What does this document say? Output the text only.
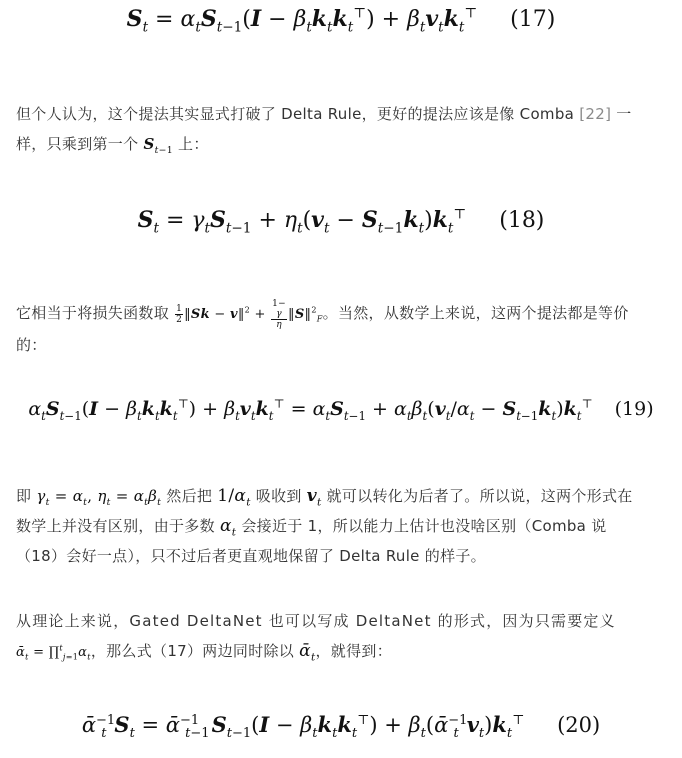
$S_t = \alpha_tS_{t-1}(I - \beta_tk_tk_t^⊤) + \beta_tv_tk_t^⊤$ (17)
但个人认为，这个提法其实显式打破了 Delta Rule，更好的提法应该是像 Comba [22] 一
样，只乘到第一个 $S_{t-1}$ 上：
$S_t = \gamma_tS_{t-1} + \eta_t(v_t - S_{t-1}k_t)k_t^⊤$ (18)
它相当于将损失函数取 $\frac{1}{2}$ ‖Sk − v‖$^2$ + 1−
γ
η ‖S‖$^2_F$。当然，从数学上来说，这两个提法都是等价
的：
$\alpha_tS_{t-1}(I - \beta_tk_tk_t^⊤) + \beta_tv_tk_t^⊤ = \alpha_tS_{t-1} + \alpha_t\beta_t(v_t/\alpha_t - S_{t-1}k_t)k_t^⊤$ (19)
即 $\gamma_t = \alpha_t$, $\eta_t = \alpha_t\beta_t$ 然后把 $1/\alpha_t$ 吸收到 $v_t$ 就可以转化为后者了。所以说，这两个形式在
数学上并没有区别，由于多数 $\alpha_t$ 会接近于 1，所以能力上估计也没啥区别（Comba 说
（18）会好一点），只不过后者更直观地保留了 Delta Rule 的样子。
从理论上来说，Gated DeltaNet 也可以写成 DeltaNet 的形式，因为只需要定义
ᾱ$_t$ = $\prod^t_{j=1}\alpha_t$，那么式（17）两边同时除以 ᾱ$_t$，就得到：
ᾱ$^{-1}_t$ $S_t$ = $ᾱ^{-1}_{t-1}S_{t-1}(I - \beta_tk_tk_t^⊤)$ + $\beta_t(ᾱ^{-1}_t$ $v_t)k_t^⊤$ (20)
